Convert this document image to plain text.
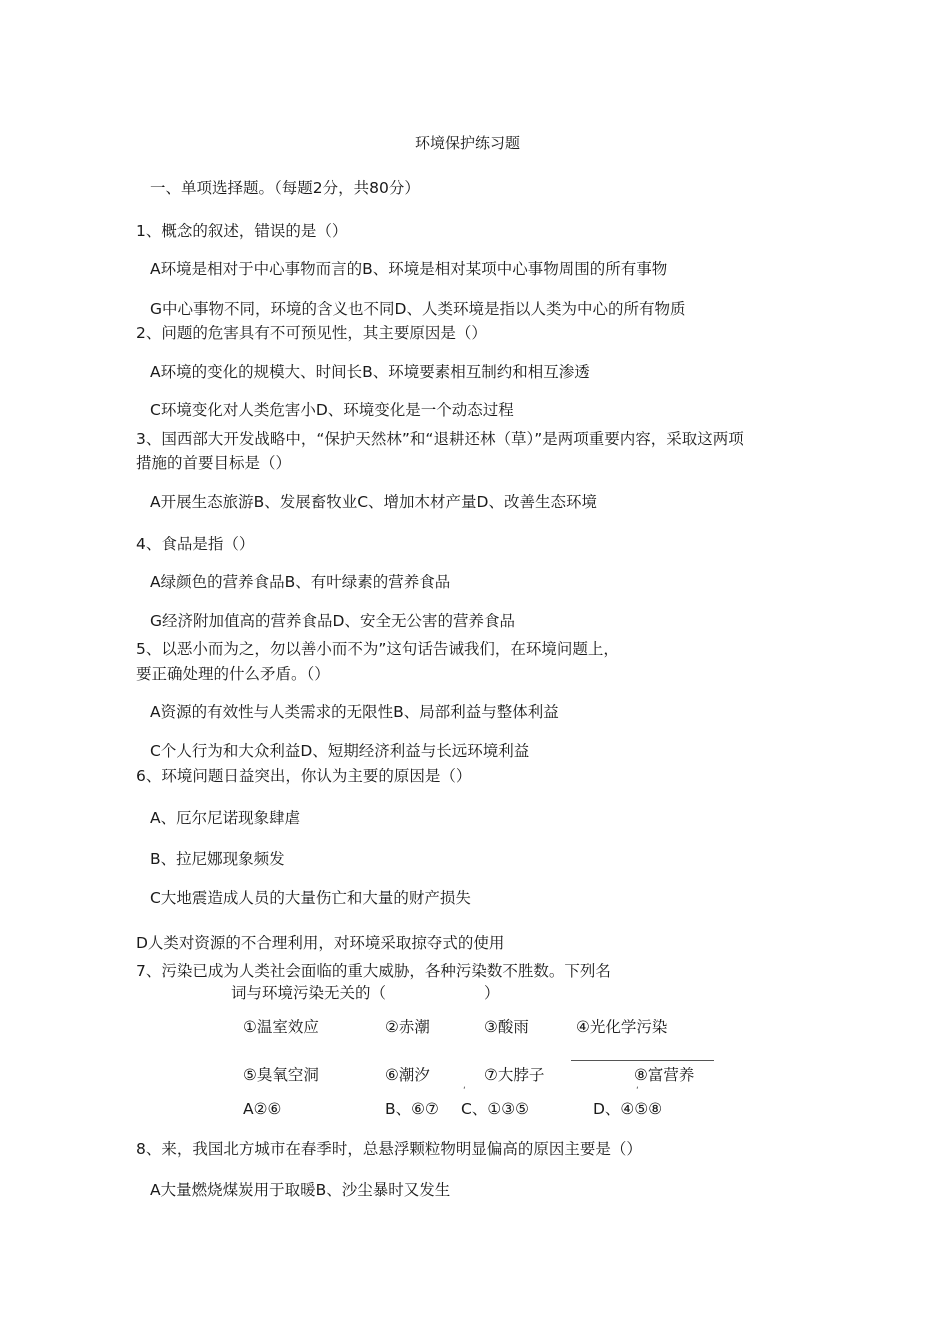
环境保护练习题
一、单项选择题。（每题2分，共80分）
1、概念的叙述，错误的是（）
A环境是相对于中心事物而言的B、环境是相对某项中心事物周围的所有事物
G中心事物不同，环境的含义也不同D、人类环境是指以人类为中心的所有物质
2、问题的危害具有不可预见性，其主要原因是（）
A环境的变化的规模大、时间长B、环境要素相互制约和相互渗透
C环境变化对人类危害小D、环境变化是一个动态过程
3、国西部大开发战略中，“保护天然林”和“退耕还林（草）”是两项重要内容，采取这两项
措施的首要目标是（）
A开展生态旅游B、发展畜牧业C、增加木材产量D、改善生态环境
4、食品是指（）
A绿颜色的营养食品B、有叶绿素的营养食品
G经济附加值高的营养食品D、安全无公害的营养食品
5、以恶小而为之，勿以善小而不为”这句话告诫我们，在环境问题上，
要正确处理的什么矛盾。（）
A资源的有效性与人类需求的无限性B、局部利益与整体利益
C个人行为和大众利益D、短期经济利益与长远环境利益
6、环境问题日益突出，你认为主要的原因是（）
A、厄尔尼诺现象肆虐
B、拉尼娜现象频发
C大地震造成人员的大量伤亡和大量的财产损失
D人类对资源的不合理利用，对环境采取掠夺式的使用
7、污染已成为人类社会面临的重大威胁，各种污染数不胜数。下列名
词与环境污染无关的（	）
①温室效应	②赤潮	③酸雨	④光化学污染
⑤臭氧空洞	⑥潮汐	⑦大脖子	⑧富营养
‘	‘
A②⑥	B、⑥⑦ C、①③⑤	D、④⑤⑧
8、来，我国北方城市在春季时，总悬浮颗粒物明显偏高的原因主要是（）
A大量燃烧煤炭用于取暖B、沙尘暴时又发生
